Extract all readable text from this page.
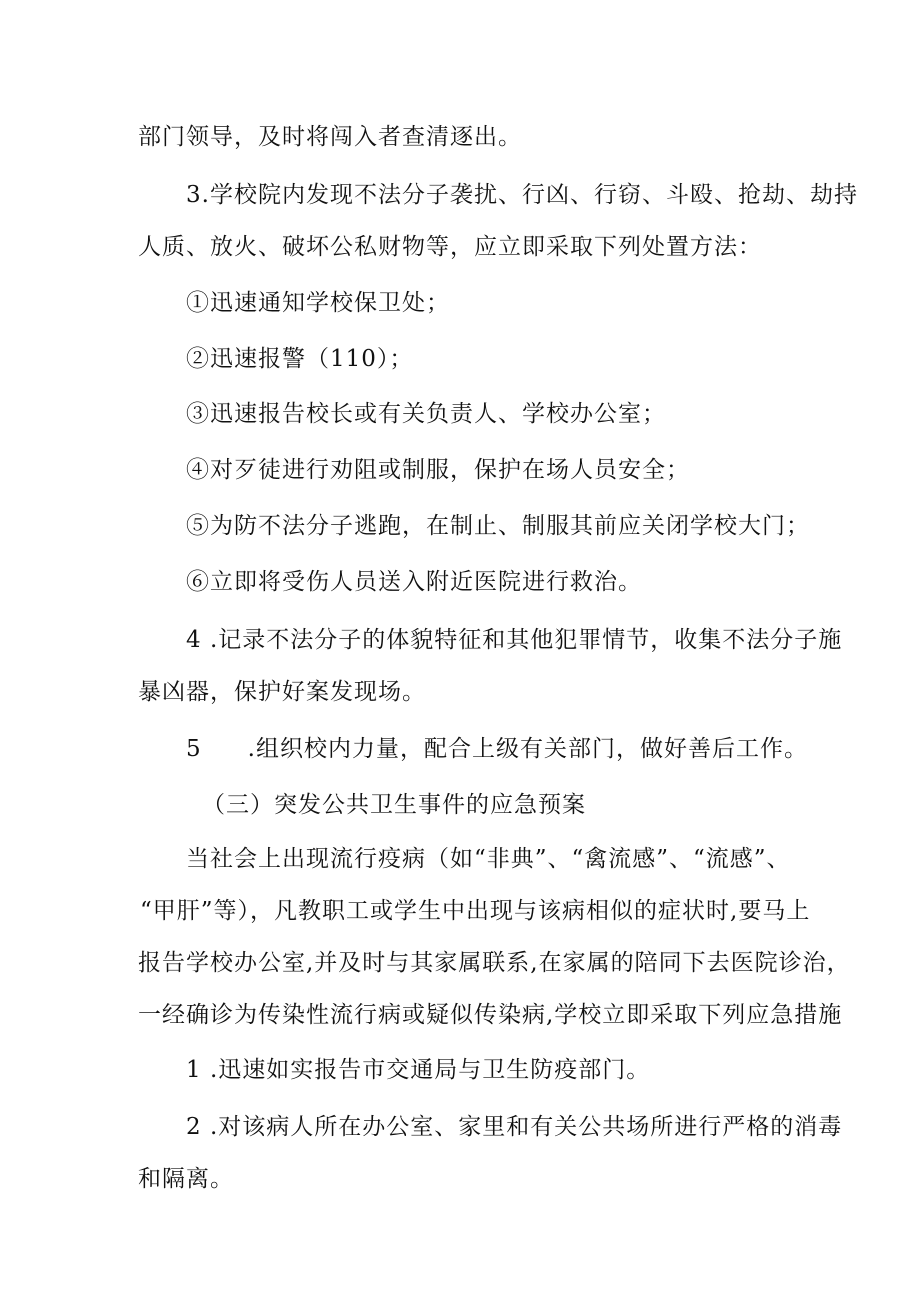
部门领导，及时将闯入者查清逐出。
3.学校院内发现不法分子袭扰、行凶、行窃、斗殴、抢劫、劫持
人质、放火、破坏公私财物等，应立即采取下列处置方法：
①迅速通知学校保卫处；
②迅速报警（110）；
③迅速报告校长或有关负责人、学校办公室；
④对歹徒进行劝阻或制服，保护在场人员安全；
⑤为防不法分子逃跑，在制止、制服其前应关闭学校大门；
⑥立即将受伤人员送入附近医院进行救治。
4 .记录不法分子的体貌特征和其他犯罪情节，收集不法分子施
暴凶器，保护好案发现场。
5 .组织校内力量，配合上级有关部门，做好善后工作。
（三）突发公共卫生事件的应急预案
当社会上出现流行疫病（如“非典”、“禽流感”、“流感”、
“甲肝”等），凡教职工或学生中出现与该病相似的症状时,要马上
报告学校办公室,并及时与其家属联系,在家属的陪同下去医院诊治，
一经确诊为传染性流行病或疑似传染病,学校立即采取下列应急措施
1 .迅速如实报告市交通局与卫生防疫部门。
2 .对该病人所在办公室、家里和有关公共场所进行严格的消毒
和隔离。
